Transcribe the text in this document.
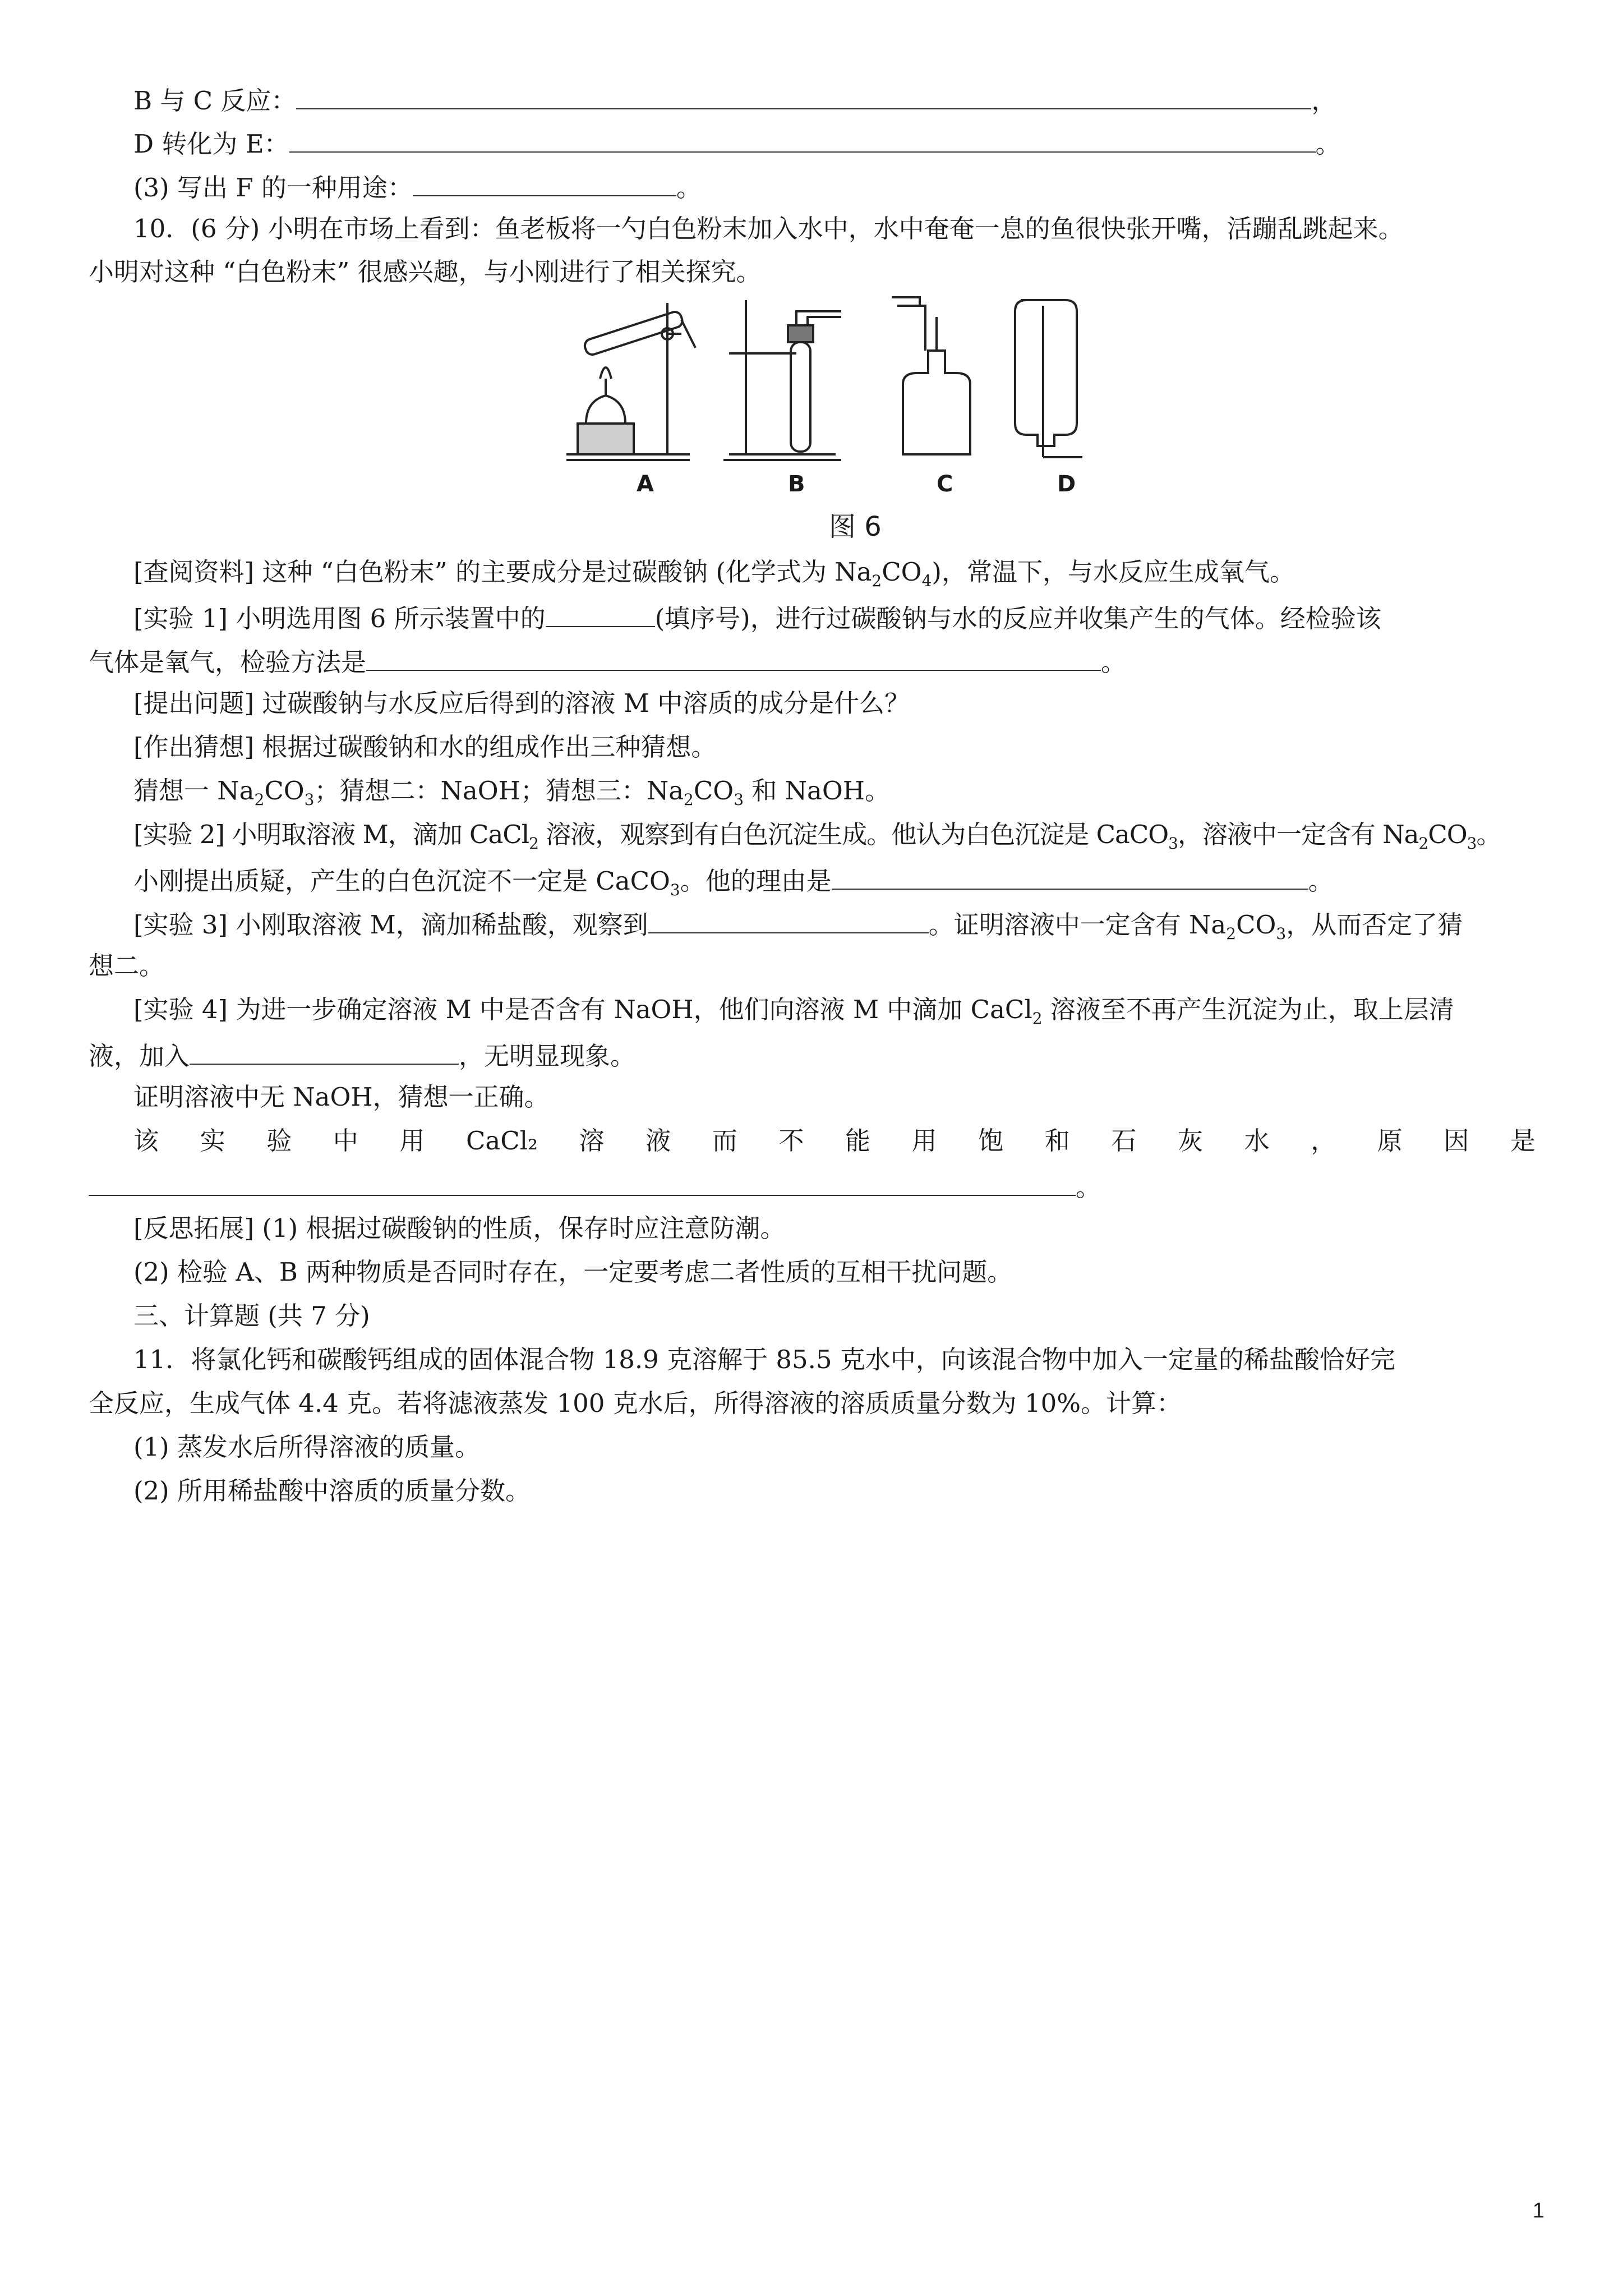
B 与 C 反应：	，
D 转化为 E：	。
(3) 写出 F 的一种用途：	。
10．(6 分) 小明在市场上看到：鱼老板将一勺白色粉末加入水中，水中奄奄一息的鱼很快张开嘴，活蹦乱跳起来。
小明对这种 “白色粉末” 很感兴趣，与小刚进行了相关探究。
A	B	C	D
图 6
[查阅资料] 这种 “白色粉末” 的主要成分是过碳酸钠 (化学式为 $Na_2CO_4$)，常温下，与水反应生成氧气。
[实验 1] 小明选用图 6 所示装置中的	(填序号)，进行过碳酸钠与水的反应并收集产生的气体。经检验该
气体是氧气，检验方法是	。
[提出问题] 过碳酸钠与水反应后得到的溶液 M 中溶质的成分是什么？
[作出猜想] 根据过碳酸钠和水的组成作出三种猜想。
猜想一 $Na_2CO_3$；猜想二：NaOH；猜想三：$Na_2CO_3$ 和 NaOH。
[实验 2] 小明取溶液 M，滴加 CaCl$_2$ 溶液，观察到有白色沉淀生成。他认为白色沉淀是 CaCO$_3$，溶液中一定含有 $Na_2CO_3$。
小刚提出质疑，产生的白色沉淀不一定是 CaCO$_3$。他的理由是	。
[实验 3] 小刚取溶液 M，滴加稀盐酸，观察到	。证明溶液中一定含有 $Na_2CO_3$，从而否定了猜
想二。
[实验 4] 为进一步确定溶液 M 中是否含有 NaOH，他们向溶液 M 中滴加 CaCl$_2$ 溶液至不再产生沉淀为止，取上层清
液，加入	，无明显现象。
证明溶液中无 NaOH，猜想一正确。
该 实 验 中 用 CaCl₂ 溶 液 而 不 能 用 饱 和 石 灰 水 ， 原 因 是
。
[反思拓展] (1) 根据过碳酸钠的性质，保存时应注意防潮。
(2) 检验 A、B 两种物质是否同时存在，一定要考虑二者性质的互相干扰问题。
三、计算题 (共 7 分)
11．将氯化钙和碳酸钙组成的固体混合物 18.9 克溶解于 85.5 克水中，向该混合物中加入一定量的稀盐酸恰好完
全反应，生成气体 4.4 克。若将滤液蒸发 100 克水后，所得溶液的溶质质量分数为 10%。计算：
(1) 蒸发水后所得溶液的质量。
(2) 所用稀盐酸中溶质的质量分数。
1
